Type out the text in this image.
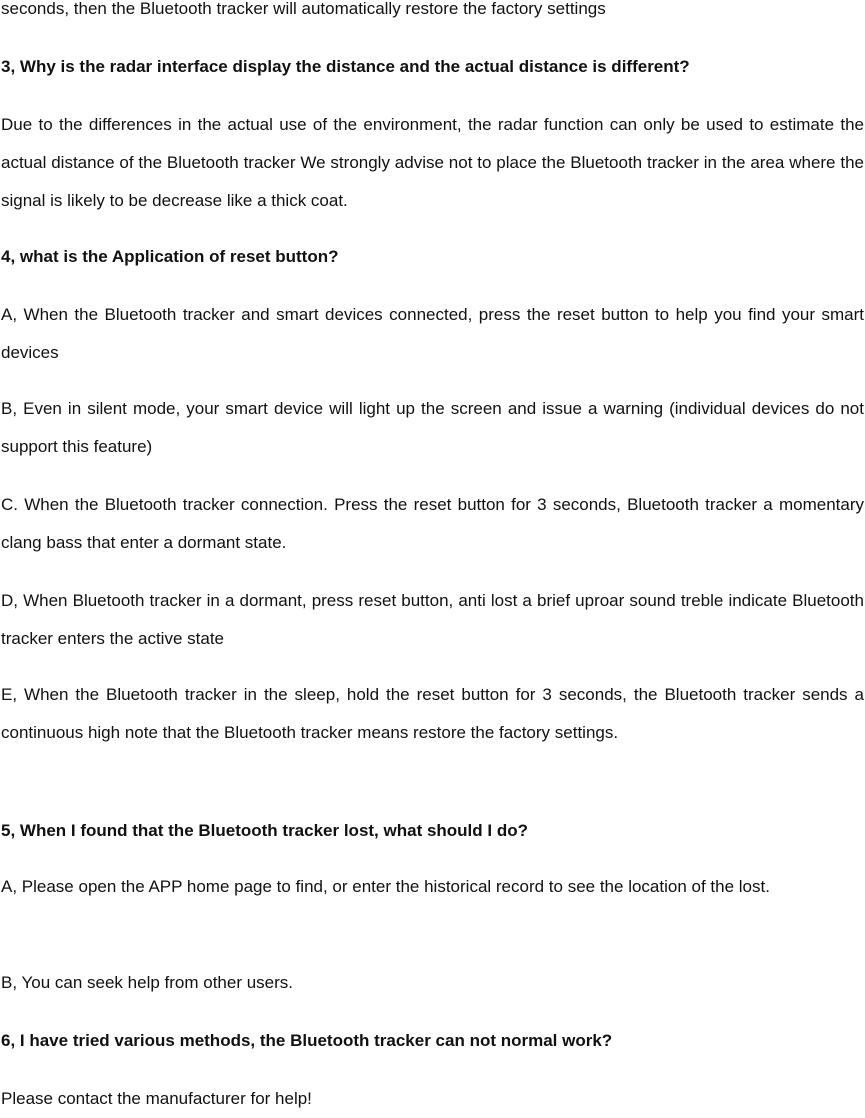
seconds, then the Bluetooth tracker will automatically restore the factory settings

3, Why is the radar interface display the distance and the actual distance is different?

Due to the differences in the actual use of the environment, the radar function can only be used to estimate the actual distance of the Bluetooth tracker We strongly advise not to place the Bluetooth tracker in the area where the signal is likely to be decrease like a thick coat.

4, what is the Application of reset button?

A, When the Bluetooth tracker and smart devices connected, press the reset button to help you find your smart devices

B, Even in silent mode, your smart device will light up the screen and issue a warning (individual devices do not support this feature)

C. When the Bluetooth tracker connection. Press the reset button for 3 seconds, Bluetooth tracker a momentary clang bass that enter a dormant state.

D, When Bluetooth tracker in a dormant, press reset button, anti lost a brief uproar sound treble indicate Bluetooth tracker enters the active state

E, When the Bluetooth tracker in the sleep, hold the reset button for 3 seconds, the Bluetooth tracker sends a continuous high note that the Bluetooth tracker means restore the factory settings.

5, When I found that the Bluetooth tracker lost, what should I do?

A, Please open the APP home page to find, or enter the historical record to see the location of the lost.

B, You can seek help from other users.

6, I have tried various methods, the Bluetooth tracker can not normal work?

Please contact the manufacturer for help!
